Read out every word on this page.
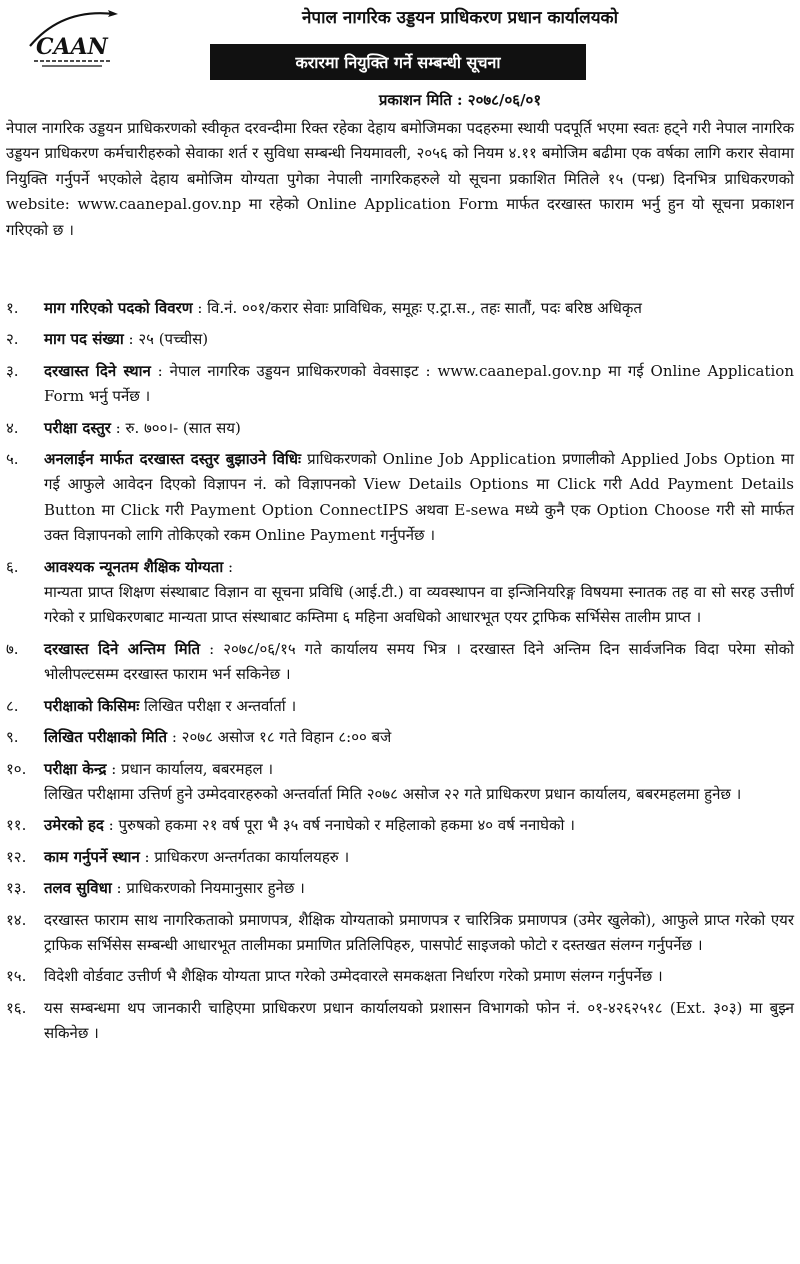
CAAN
नेपाल नागरिक उड्डयन प्राधिकरण प्रधान कार्यालयको
करारमा नियुक्ति गर्ने सम्बन्धी सूचना
प्रकाशन मिति : २०७८/०६/०१
नेपाल नागरिक उड्डयन प्राधिकरणको स्वीकृत दरवन्दीमा रिक्त रहेका देहाय बमोजिमका पदहरुमा स्थायी पदपूर्ति भएमा स्वतः हट्ने गरी नेपाल नागरिक उड्डयन प्राधिकरण कर्मचारीहरुको सेवाका शर्त र सुविधा सम्बन्धी नियमावली, २०५६ को नियम ४.११ बमोजिम बढीमा एक वर्षका लागि करार सेवामा नियुक्ति गर्नुपर्ने भएकोले देहाय बमोजिम योग्यता पुगेका नेपाली नागरिकहरुले यो सूचना प्रकाशित मितिले १५ (पन्ध्र) दिनभित्र प्राधिकरणको website: www.caanepal.gov.np मा रहेको Online Application Form मार्फत दरखास्त फाराम भर्नु हुन यो सूचना प्रकाशन गरिएको छ ।
१.	माग गरिएको पदको विवरण : वि.नं. ००१/करार सेवाः प्राविधिक, समूहः ए.ट्रा.स., तहः सातौं, पदः बरिष्ठ अधिकृत
२.	माग पद संख्या : २५ (पच्चीस)
३.	दरखास्त दिने स्थान : नेपाल नागरिक उड्डयन प्राधिकरणको वेवसाइट : www.caanepal.gov.np मा गई Online Application Form भर्नु पर्नेछ ।
४.	परीक्षा दस्तुर : रु. ७००।- (सात सय)
५.	अनलाईन मार्फत दरखास्त दस्तुर बुझाउने विधिः प्राधिकरणको Online Job Application प्रणालीको Applied Jobs Option मा गई आफुले आवेदन दिएको विज्ञापन नं. को विज्ञापनको View Details Options मा Click गरी Add Payment Details Button मा Click गरी Payment Option ConnectIPS अथवा E-sewa मध्ये कुनै एक Option Choose गरी सो मार्फत उक्त विज्ञापनको लागि तोकिएको रकम Online Payment गर्नुपर्नेछ ।
६.	आवश्यक न्यूनतम शैक्षिक योग्यता :
मान्यता प्राप्त शिक्षण संस्थाबाट विज्ञान वा सूचना प्रविधि (आई.टी.) वा व्यवस्थापन वा इन्जिनियरिङ्ग विषयमा स्नातक तह वा सो सरह उत्तीर्ण गरेको र प्राधिकरणबाट मान्यता प्राप्त संस्थाबाट कम्तिमा ६ महिना अवधिको आधारभूत एयर ट्राफिक सर्भिसेस तालीम प्राप्त ।
७.	दरखास्त दिने अन्तिम मिति : २०७८/०६/१५ गते कार्यालय समय भित्र । दरखास्त दिने अन्तिम दिन सार्वजनिक विदा परेमा सोको भोलीपल्टसम्म दरखास्त फाराम भर्न सकिनेछ ।
८.	परीक्षाको किसिमः लिखित परीक्षा र अन्तर्वार्ता ।
९.	लिखित परीक्षाको मिति : २०७८ असोज १८ गते विहान ८:०० बजे
१०.	परीक्षा केन्द्र : प्रधान कार्यालय, बबरमहल ।
लिखित परीक्षामा उत्तिर्ण हुने उम्मेदवारहरुको अन्तर्वार्ता मिति २०७८ असोज २२ गते प्राधिकरण प्रधान कार्यालय, बबरमहलमा हुनेछ ।
११.	उमेरको हद : पुरुषको हकमा २१ वर्ष पूरा भै ३५ वर्ष ननाघेको र महिलाको हकमा ४० वर्ष ननाघेको ।
१२.	काम गर्नुपर्ने स्थान : प्राधिकरण अन्तर्गतका कार्यालयहरु ।
१३.	तलव सुविधा : प्राधिकरणको नियमानुसार हुनेछ ।
१४.	दरखास्त फाराम साथ नागरिकताको प्रमाणपत्र, शैक्षिक योग्यताको प्रमाणपत्र र चारित्रिक प्रमाणपत्र (उमेर खुलेको), आफुले प्राप्त गरेको एयर ट्राफिक सर्भिसेस सम्बन्धी आधारभूत तालीमका प्रमाणित प्रतिलिपिहरु, पासपोर्ट साइजको फोटो र दस्तखत संलग्न गर्नुपर्नेछ ।
१५.	विदेशी वोर्डवाट उत्तीर्ण भै शैक्षिक योग्यता प्राप्त गरेको उम्मेदवारले समकक्षता निर्धारण गरेको प्रमाण संलग्न गर्नुपर्नेछ ।
१६.	यस सम्बन्धमा थप जानकारी चाहिएमा प्राधिकरण प्रधान कार्यालयको प्रशासन विभागको फोन नं. ०१-४२६२५१८ (Ext. ३०३) मा बुझ्न सकिनेछ ।
